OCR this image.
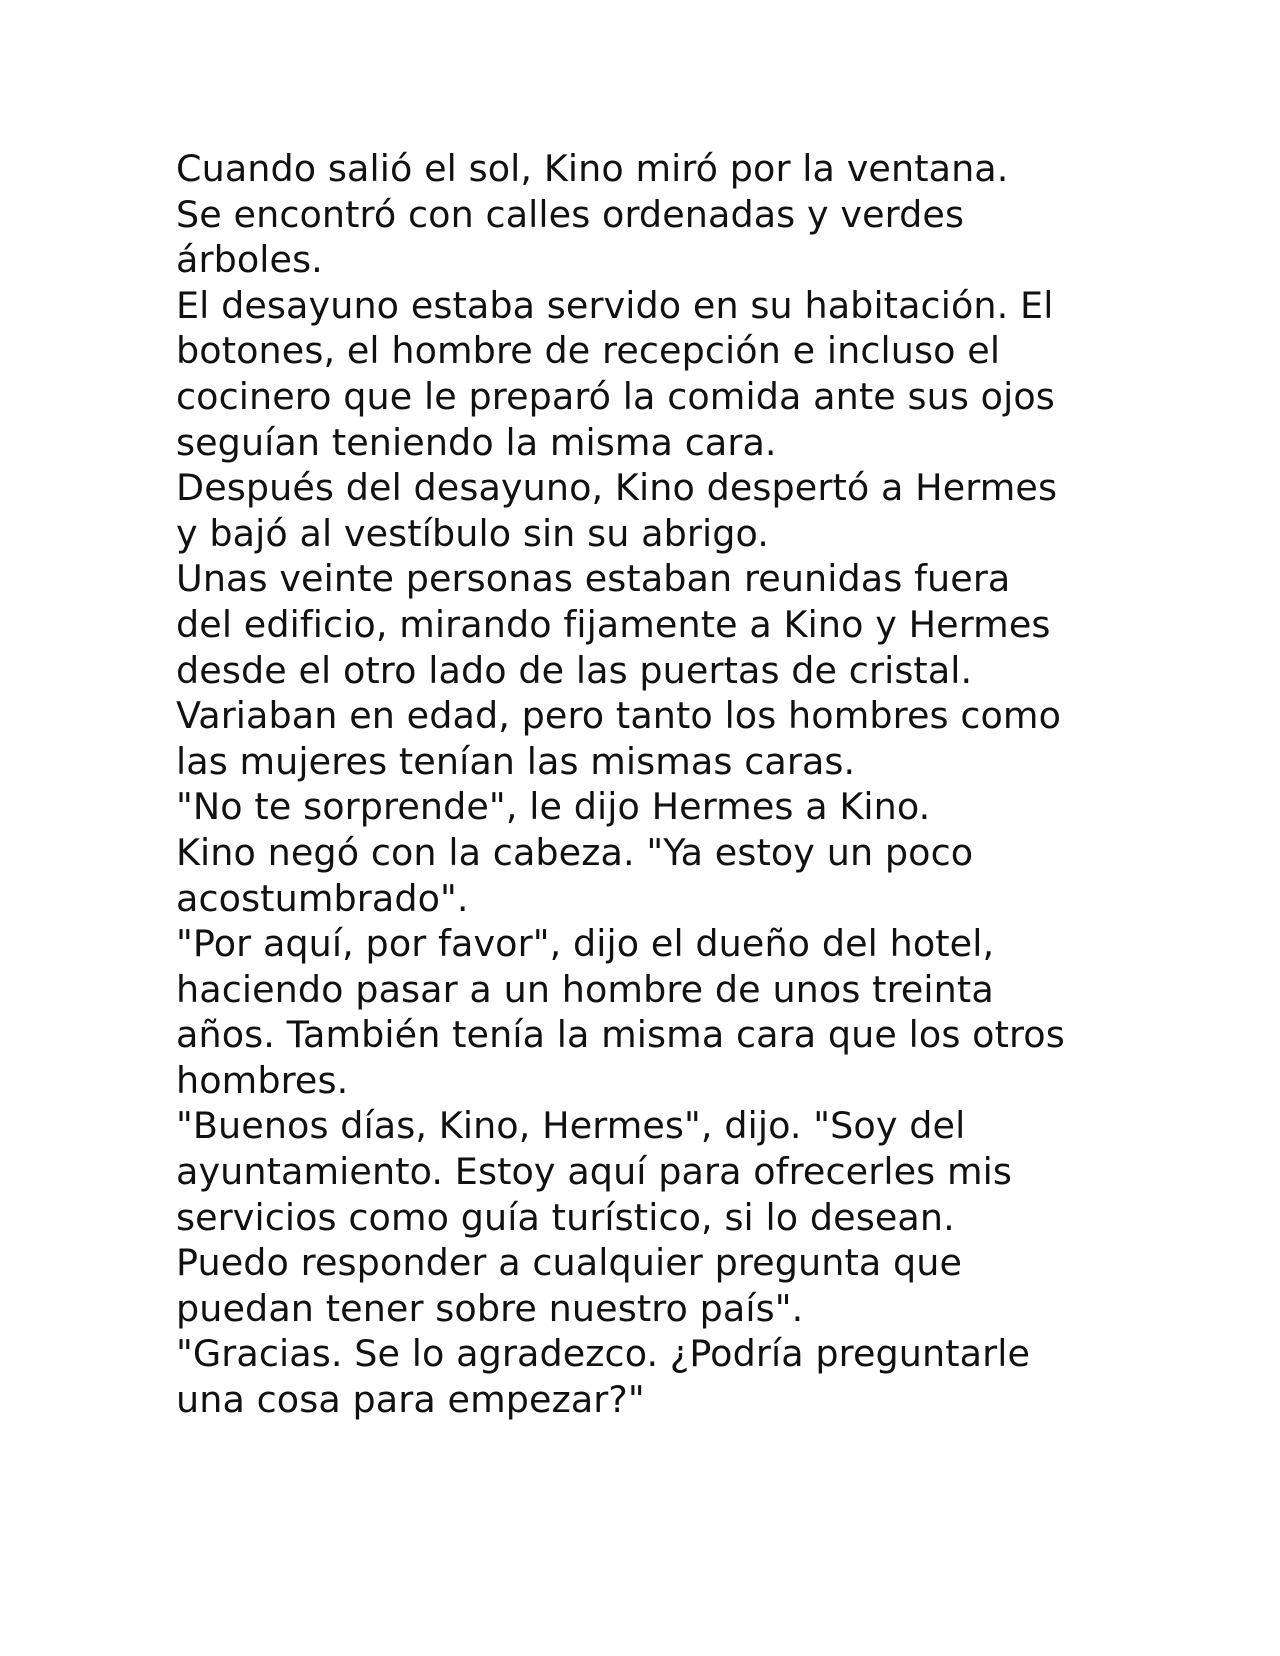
Cuando salió el sol, Kino miró por la ventana.
Se encontró con calles ordenadas y verdes
árboles.
El desayuno estaba servido en su habitación. El
botones, el hombre de recepción e incluso el
cocinero que le preparó la comida ante sus ojos
seguían teniendo la misma cara.
Después del desayuno, Kino despertó a Hermes
y bajó al vestíbulo sin su abrigo.
Unas veinte personas estaban reunidas fuera
del edificio, mirando fijamente a Kino y Hermes
desde el otro lado de las puertas de cristal.
Variaban en edad, pero tanto los hombres como
las mujeres tenían las mismas caras.
"No te sorprende", le dijo Hermes a Kino.
Kino negó con la cabeza. "Ya estoy un poco
acostumbrado".
"Por aquí, por favor", dijo el dueño del hotel,
haciendo pasar a un hombre de unos treinta
años. También tenía la misma cara que los otros
hombres.
"Buenos días, Kino, Hermes", dijo. "Soy del
ayuntamiento. Estoy aquí para ofrecerles mis
servicios como guía turístico, si lo desean.
Puedo responder a cualquier pregunta que
puedan tener sobre nuestro país".
"Gracias. Se lo agradezco. ¿Podría preguntarle
una cosa para empezar?"
